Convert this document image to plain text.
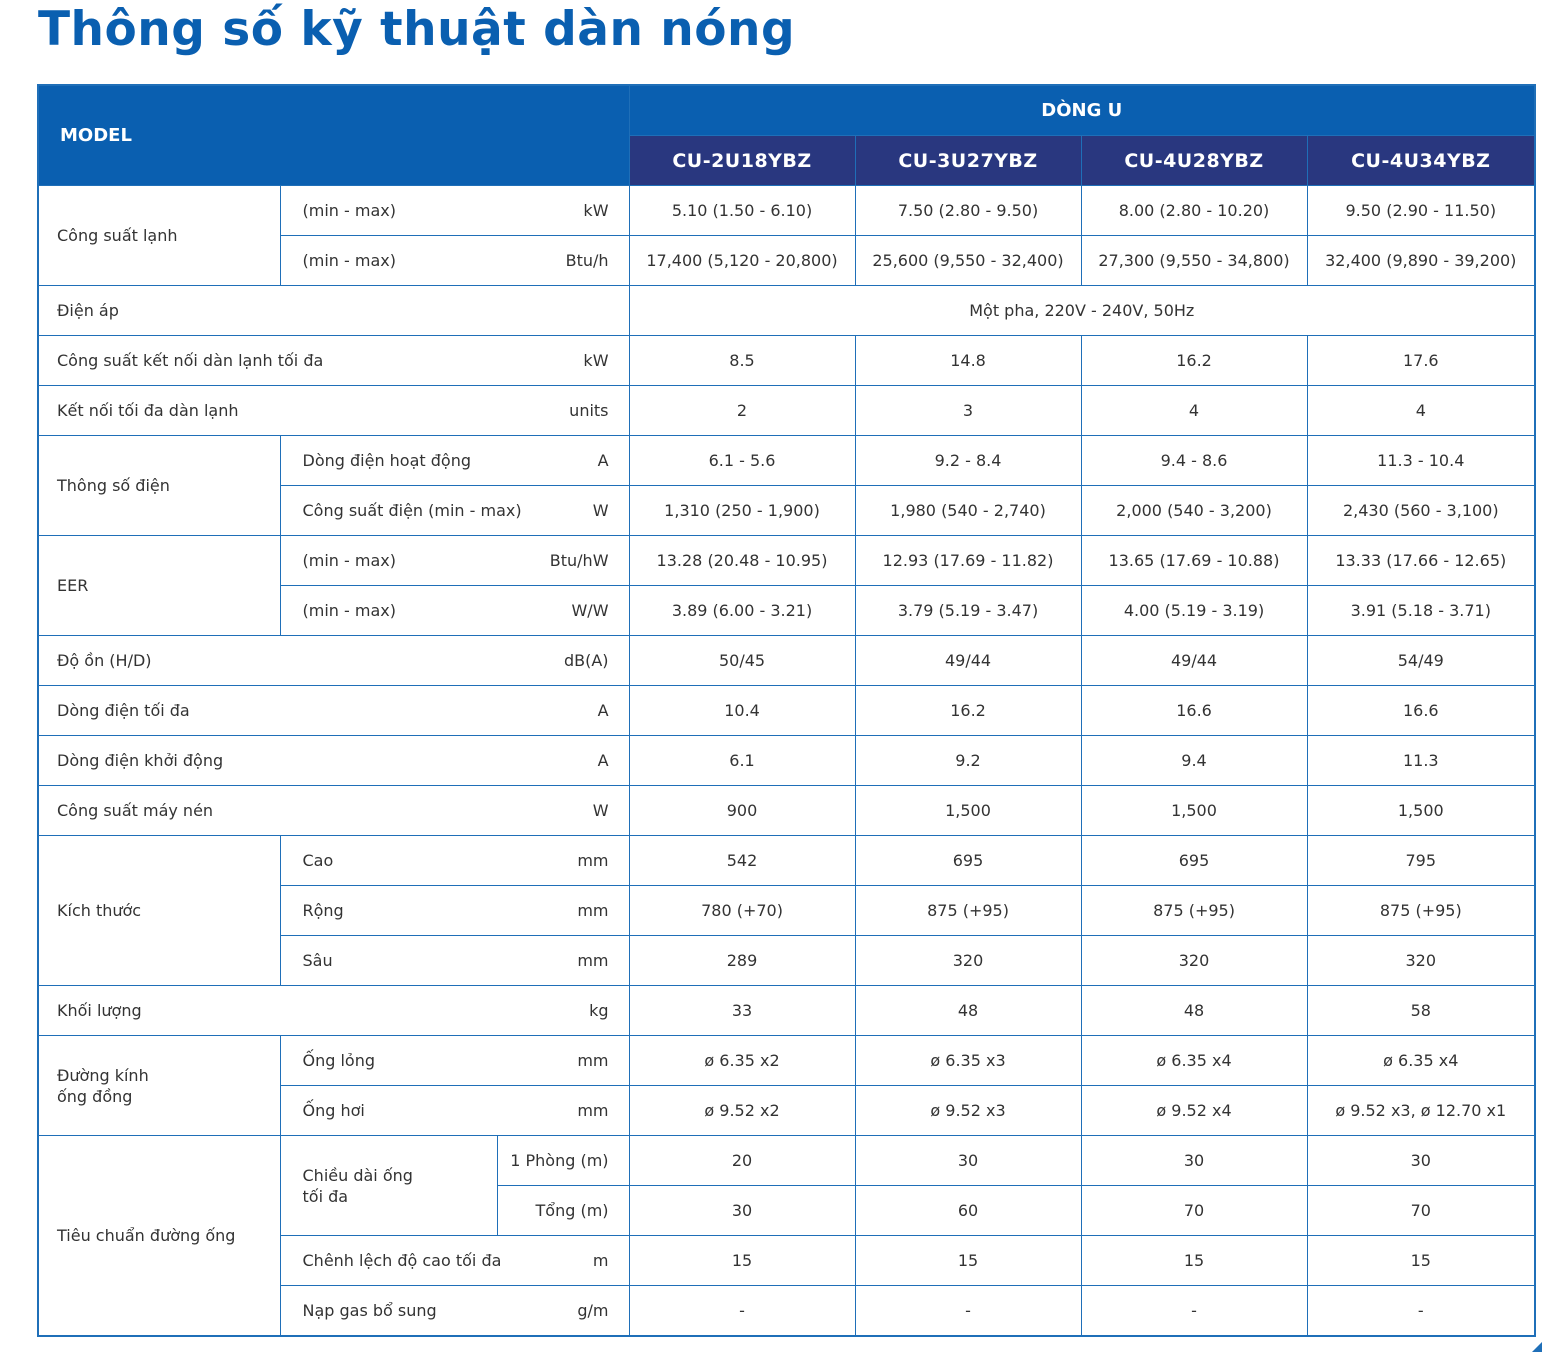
Thông số kỹ thuật dàn nóng
MODEL			DÒNG U			
			CU-2U18YBZ	CU-3U27YBZ	CU-4U28YBZ	CU-4U34YBZ
Công suất lạnh	(min - max) kW		5.10 (1.50 - 6.10)	7.50 (2.80 - 9.50)	8.00 (2.80 - 10.20)	9.50 (2.90 - 11.50)

	(min - max) Btu/h		17,400 (5,120 - 20,800)	25,600 (9,550 - 32,400)	27,300 (9,550 - 34,800)	32,400 (9,890 - 39,200)
Điện áp			Một pha, 220V - 240V, 50Hz			

Công suất kết nối dàn lạnh tối đa kW			8.5	14.8	16.2	17.6

Kết nối tối đa dàn lạnh units			2	3	4	4
Thông số điện	Dòng điện hoạt động A		6.1 - 5.6	9.2 - 8.4	9.4 - 8.6	11.3 - 10.4

	Công suất điện (min - max) W		1,310 (250 - 1,900)	1,980 (540 - 2,740)	2,000 (540 - 3,200)	2,430 (560 - 3,100)
EER	(min - max) Btu/hW		13.28 (20.48 - 10.95)	12.93 (17.69 - 11.82)	13.65 (17.69 - 10.88)	13.33 (17.66 - 12.65)

	(min - max) W/W		3.89 (6.00 - 3.21)	3.79 (5.19 - 3.47)	4.00 (5.19 - 3.19)	3.91 (5.18 - 3.71)

Độ ồn (H/D) dB(A)			50/45	49/44	49/44	54/49

Dòng điện tối đa A			10.4	16.2	16.6	16.6

Dòng điện khởi động A			6.1	9.2	9.4	11.3

Công suất máy nén W			900	1,500	1,500	1,500
Kích thước	Cao mm		542	695	695	795

	Rộng mm		780 (+70)	875 (+95)	875 (+95)	875 (+95)

	Sâu mm		289	320	320	320

Khối lượng kg			33	48	48	58
Đường kính
ống đồng	Ống lỏng mm		ø 6.35 x2	ø 6.35 x3	ø 6.35 x4	ø 6.35 x4

	Ống hơi mm		ø 9.52 x2	ø 9.52 x3	ø 9.52 x4	ø 9.52 x3, ø 12.70 x1
Tiêu chuẩn đường ống	Chiều dài ống
tối đa	1 Phòng (m)	20	30	30	30
		Tổng (m)	30	60	70	70

	Chênh lệch độ cao tối đa m		15	15	15	15

	Nạp gas bổ sung g/m		-	-	-	-
